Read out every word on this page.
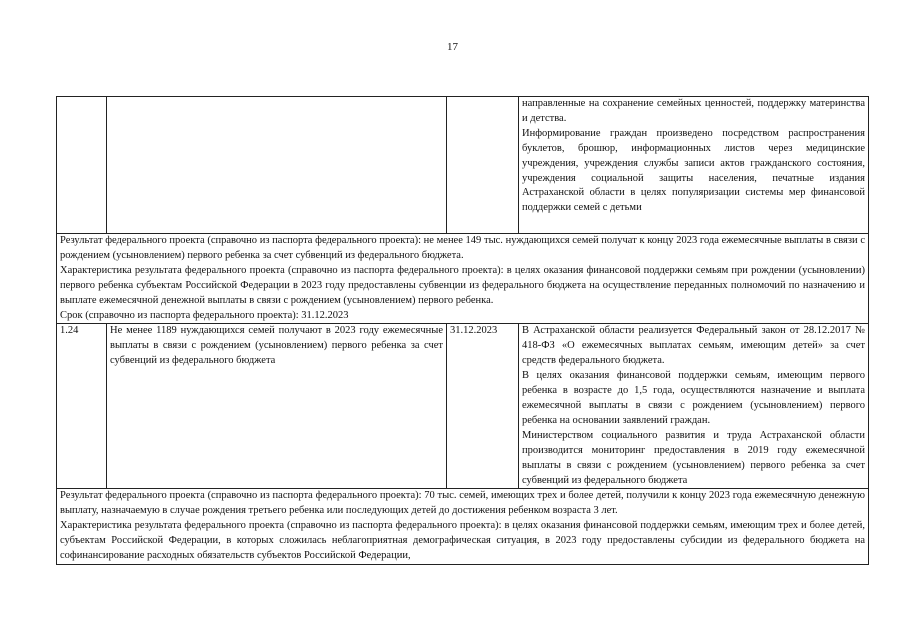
17

			направленные на сохранение семейных ценностей, поддержку материнства и детства.
Информирование граждан произведено посредством распространения буклетов, брошюр, информационных листов через медицинские учреждения, учреждения службы записи актов гражданского состояния, учреждения социальной защиты населения, печатные издания Астраханской области в целях популяризации системы мер финансовой поддержки семей с детьми

Результат федерального проекта (справочно из паспорта федерального проекта): не менее 149 тыс. нуждающихся семей получат к концу 2023 года ежемесячные выплаты в связи с рождением (усыновлением) первого ребенка за счет субвенций из федерального бюджета.
Характеристика результата федерального проекта (справочно из паспорта федерального проекта): в целях оказания финансовой поддержки семьям при рождении (усыновлении) первого ребенка субъектам Российской Федерации в 2023 году предоставлены субвенции из федерального бюджета на осуществление переданных полномочий по назначению и выплате ежемесячной денежной выплаты в связи с рождением (усыновлением) первого ребенка.
Срок (справочно из паспорта федерального проекта): 31.12.2023			

1.24	Не менее 1189 нуждающихся семей получают в 2023 году ежемесячные выплаты в связи с рождением (усыновлением) первого ребенка за счет субвенций из федерального бюджета	31.12.2023	В Астраханской области реализуется Федеральный закон от 28.12.2017 № 418-ФЗ «О ежемесячных выплатах семьям, имеющим детей» за счет средств федерального бюджета.
В целях оказания финансовой поддержки семьям, имеющим первого ребенка в возрасте до 1,5 года, осуществляются назначение и выплата ежемесячной выплаты в связи с рождением (усыновлением) первого ребенка на основании заявлений граждан.
Министерством социального развития и труда Астраханской области производится мониторинг предоставления в 2019 году ежемесячной выплаты в связи с рождением (усыновлением) первого ребенка за счет субвенций из федерального бюджета

Результат федерального проекта (справочно из паспорта федерального проекта): 70 тыс. семей, имеющих трех и более детей, получили к концу 2023 года ежемесячную денежную выплату, назначаемую в случае рождения третьего ребенка или последующих детей до достижения ребенком возраста 3 лет.
Характеристика результата федерального проекта (справочно из паспорта федерального проекта): в целях оказания финансовой поддержки семьям, имеющим трех и более детей, субъектам Российской Федерации, в которых сложилась неблагоприятная демографическая ситуация, в 2023 году предоставлены субсидии из федерального бюджета на софинансирование расходных обязательств субъектов Российской Федерации,			
